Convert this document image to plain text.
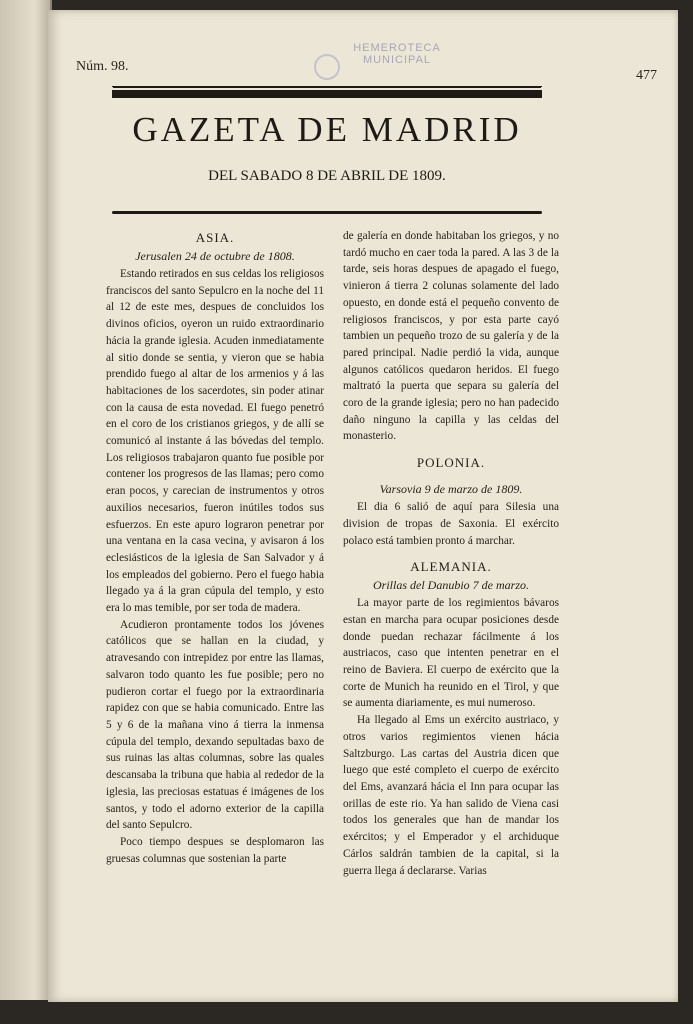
HEMEROTECA
MUNICIPAL
Núm. 98.
477
GAZETA DE MADRID
DEL SABADO 8 DE ABRIL DE 1809.
ASIA.
Jerusalen 24 de octubre de 1808.

Estando retirados en sus celdas los religiosos franciscos del santo Sepulcro en la noche del 11 al 12 de este mes, despues de concluidos los divinos oficios, oyeron un ruido extraordinario hácia la grande iglesia. Acuden inmediatamente al sitio donde se sentia, y vieron que se habia prendido fuego al altar de los armenios y á las habitaciones de los sacerdotes, sin poder atinar con la causa de esta novedad. El fuego penetró en el coro de los cristianos griegos, y de allí se comunicó al instante á las bóvedas del templo. Los religiosos trabajaron quanto fue posible por contener los progresos de las llamas; pero como eran pocos, y carecian de instrumentos y otros auxilios necesarios, fueron inútiles todos sus esfuerzos. En este apuro lograron penetrar por una ventana en la casa vecina, y avisaron á los eclesiásticos de la iglesia de San Salvador y á los empleados del gobierno. Pero el fuego habia llegado ya á la gran cúpula del templo, y esto era lo mas temible, por ser toda de madera.

Acudieron prontamente todos los jóvenes católicos que se hallan en la ciudad, y atravesando con intrepidez por entre las llamas, salvaron todo quanto les fue posible; pero no pudieron cortar el fuego por la extraordinaria rapidez con que se habia comunicado. Entre las 5 y 6 de la mañana vino á tierra la inmensa cúpula del templo, dexando sepultadas baxo de sus ruinas las altas columnas, sobre las quales descansaba la tribuna que habia al rededor de la iglesia, las preciosas estatuas é imágenes de los santos, y todo el adorno exterior de la capilla del santo Sepulcro.

Poco tiempo despues se desplomaron las gruesas columnas que sostenian la parte

de galería en donde habitaban los griegos, y no tardó mucho en caer toda la pared. A las 3 de la tarde, seis horas despues de apagado el fuego, vinieron á tierra 2 colunas solamente del lado opuesto, en donde está el pequeño convento de religiosos franciscos, y por esta parte cayó tambien un pequeño trozo de su galería y de la pared principal. Nadie perdió la vida, aunque algunos católicos quedaron heridos. El fuego maltrató la puerta que separa su galería del coro de la grande iglesia; pero no han padecido daño ninguno la capilla y las celdas del monasterio.

POLONIA.
Varsovia 9 de marzo de 1809.

El dia 6 salió de aquí para Silesia una division de tropas de Saxonia. El exército polaco está tambien pronto á marchar.

ALEMANIA.
Orillas del Danubio 7 de marzo.

La mayor parte de los regimientos bávaros estan en marcha para ocupar posiciones desde donde puedan rechazar fácilmente á los austriacos, caso que intenten penetrar en el reino de Baviera. El cuerpo de exército que la corte de Munich ha reunido en el Tirol, y que se aumenta diariamente, es mui numeroso.

Ha llegado al Ems un exército austriaco, y otros varios regimientos vienen hácia Saltzburgo. Las cartas del Austria dicen que luego que esté completo el cuerpo de exército del Ems, avanzará hácia el Inn para ocupar las orillas de este rio. Ya han salido de Viena casi todos los generales que han de mandar los exércitos; y el Emperador y el archiduque Cárlos saldrán tambien de la capital, si la guerra llega á declararse. Varias
